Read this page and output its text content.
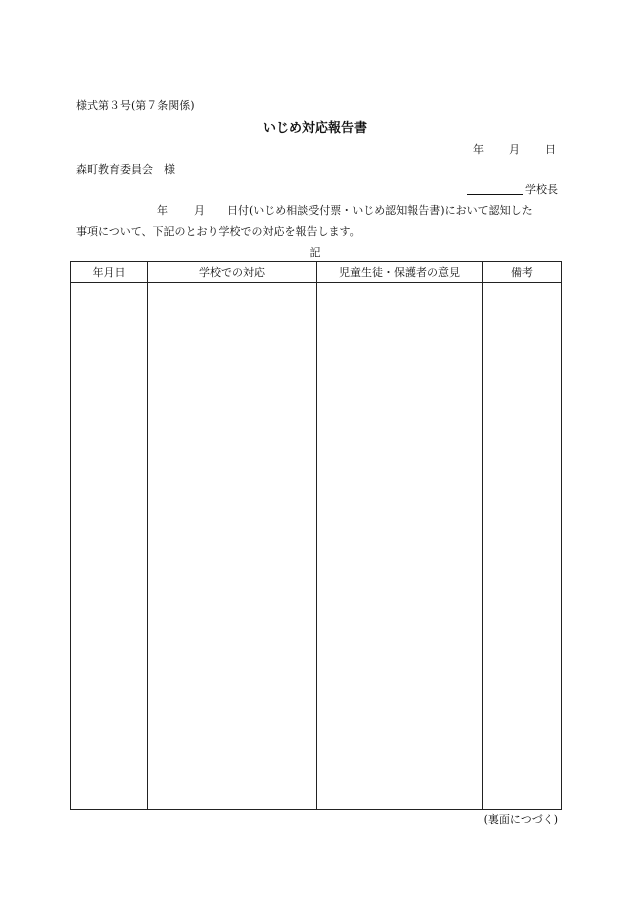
様式第３号(第７条関係)
いじめ対応報告書
年 月 日
森町教育委員会　様
学校長
年 月 日付(いじめ相談受付票・いじめ認知報告書)において認知した
事項について、下記のとおり学校での対応を報告します。
記
年月日	学校での対応	児童生徒・保護者の意見	備考

(裏面につづく)
